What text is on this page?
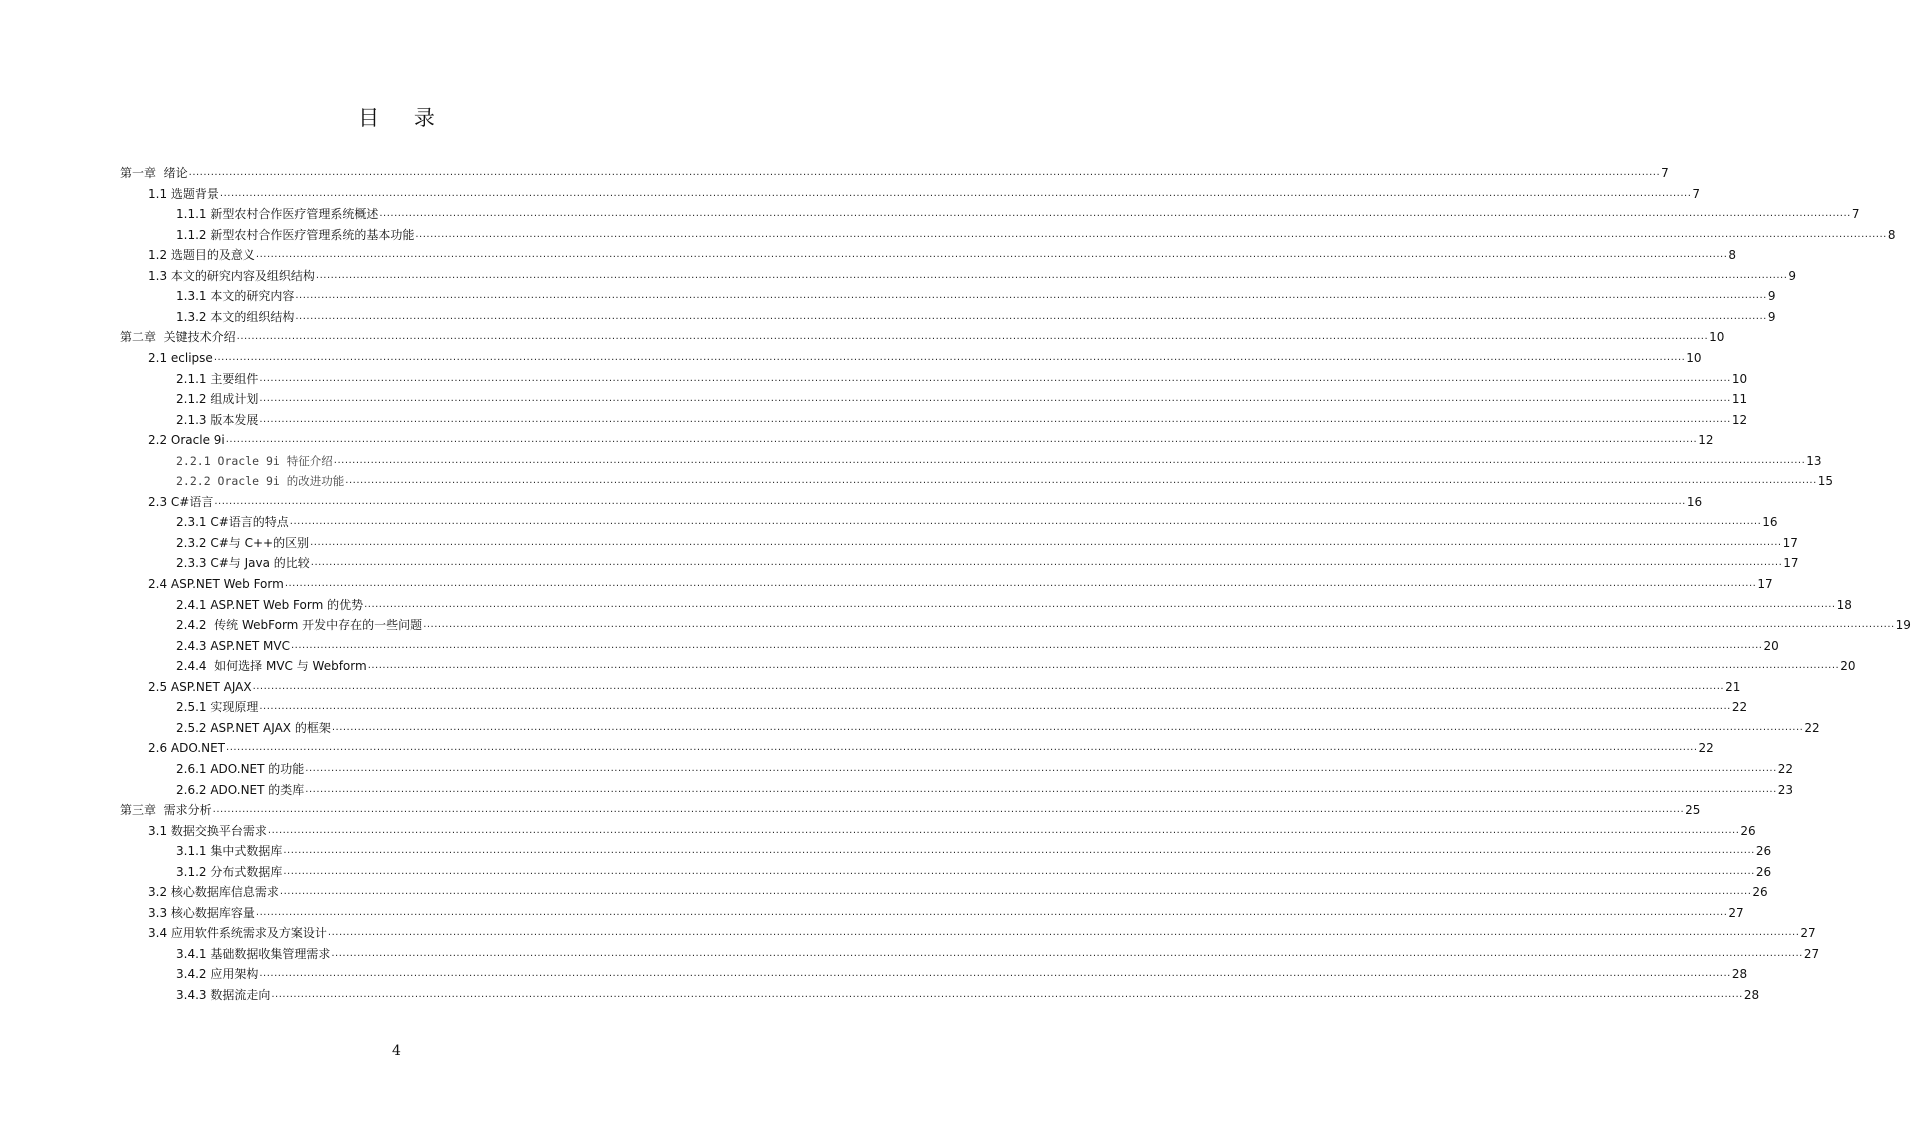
目 录
第一章  绪论 ................................................................................................................................................................................................................................................................................................................................................................................................................ 7
1.1 选题背景 ................................................................................................................................................................................................................................................................................................................................................................................................................ 7
1.1.1 新型农村合作医疗管理系统概述 ................................................................................................................................................................................................................................................................................................................................................................................................................ 7
1.1.2 新型农村合作医疗管理系统的基本功能 ................................................................................................................................................................................................................................................................................................................................................................................................................ 8
1.2 选题目的及意义 ................................................................................................................................................................................................................................................................................................................................................................................................................ 8
1.3 本文的研究内容及组织结构 ................................................................................................................................................................................................................................................................................................................................................................................................................ 9
1.3.1 本文的研究内容 ................................................................................................................................................................................................................................................................................................................................................................................................................ 9
1.3.2 本文的组织结构 ................................................................................................................................................................................................................................................................................................................................................................................................................ 9
第二章  关键技术介绍 ................................................................................................................................................................................................................................................................................................................................................................................................................ 10
2.1 eclipse ................................................................................................................................................................................................................................................................................................................................................................................................................ 10
2.1.1 主要组件 ................................................................................................................................................................................................................................................................................................................................................................................................................ 10
2.1.2 组成计划 ................................................................................................................................................................................................................................................................................................................................................................................................................ 11
2.1.3 版本发展 ................................................................................................................................................................................................................................................................................................................................................................................................................ 12
2.2 Oracle 9i ................................................................................................................................................................................................................................................................................................................................................................................................................ 12
2.2.1 Oracle 9i 特征介绍 ................................................................................................................................................................................................................................................................................................................................................................................................................ 13
2.2.2 Oracle 9i 的改进功能 ................................................................................................................................................................................................................................................................................................................................................................................................................ 15
2.3 C#语言 ................................................................................................................................................................................................................................................................................................................................................................................................................ 16
2.3.1 C#语言的特点 ................................................................................................................................................................................................................................................................................................................................................................................................................ 16
2.3.2 C#与 C++的区别 ................................................................................................................................................................................................................................................................................................................................................................................................................ 17
2.3.3 C#与 Java 的比较 ................................................................................................................................................................................................................................................................................................................................................................................................................ 17
2.4 ASP.NET Web Form ................................................................................................................................................................................................................................................................................................................................................................................................................ 17
2.4.1 ASP.NET Web Form 的优势 ................................................................................................................................................................................................................................................................................................................................................................................................................ 18
2.4.2  传统 WebForm 开发中存在的一些问题 ................................................................................................................................................................................................................................................................................................................................................................................................................ 19
2.4.3 ASP.NET MVC ................................................................................................................................................................................................................................................................................................................................................................................................................ 20
2.4.4  如何选择 MVC 与 Webform ................................................................................................................................................................................................................................................................................................................................................................................................................ 20
2.5 ASP.NET AJAX ................................................................................................................................................................................................................................................................................................................................................................................................................ 21
2.5.1 实现原理 ................................................................................................................................................................................................................................................................................................................................................................................................................ 22
2.5.2 ASP.NET AJAX 的框架 ................................................................................................................................................................................................................................................................................................................................................................................................................ 22
2.6 ADO.NET ................................................................................................................................................................................................................................................................................................................................................................................................................ 22
2.6.1 ADO.NET 的功能 ................................................................................................................................................................................................................................................................................................................................................................................................................ 22
2.6.2 ADO.NET 的类库 ................................................................................................................................................................................................................................................................................................................................................................................................................ 23
第三章  需求分析 ................................................................................................................................................................................................................................................................................................................................................................................................................ 25
3.1 数据交换平台需求 ................................................................................................................................................................................................................................................................................................................................................................................................................ 26
3.1.1 集中式数据库 ................................................................................................................................................................................................................................................................................................................................................................................................................ 26
3.1.2 分布式数据库 ................................................................................................................................................................................................................................................................................................................................................................................................................ 26
3.2 核心数据库信息需求 ................................................................................................................................................................................................................................................................................................................................................................................................................ 26
3.3 核心数据库容量 ................................................................................................................................................................................................................................................................................................................................................................................................................ 27
3.4 应用软件系统需求及方案设计 ................................................................................................................................................................................................................................................................................................................................................................................................................ 27
3.4.1 基础数据收集管理需求 ................................................................................................................................................................................................................................................................................................................................................................................................................ 27
3.4.2 应用架构 ................................................................................................................................................................................................................................................................................................................................................................................................................ 28
3.4.3 数据流走向 ................................................................................................................................................................................................................................................................................................................................................................................................................ 28
4
